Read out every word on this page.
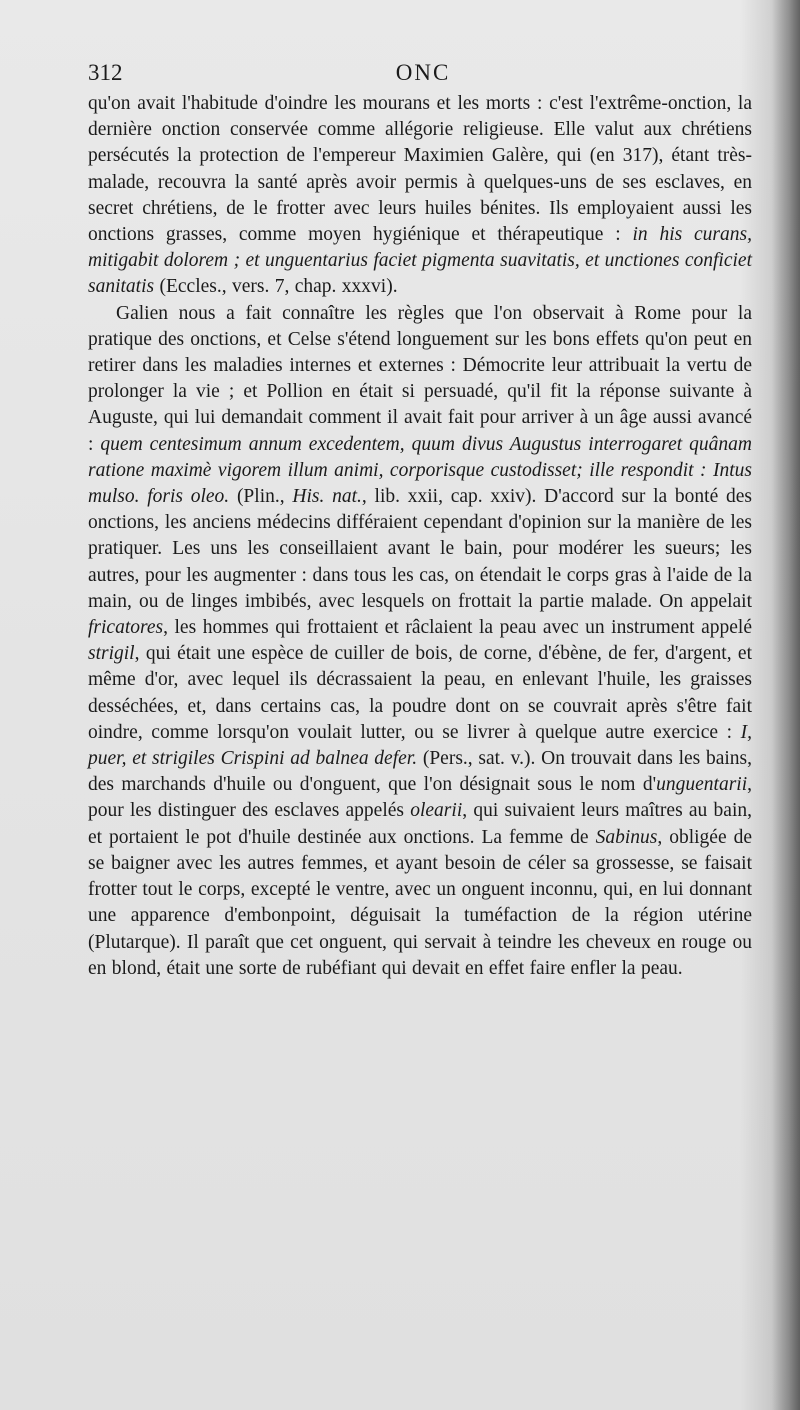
312	ONC

qu'on avait l'habitude d'oindre les mourans et les morts : c'est l'extrême-onction, la dernière onction conservée comme allégorie religieuse. Elle valut aux chrétiens persécutés la protection de l'empereur Maximien Galère, qui (en 317), étant très-malade, recouvra la santé après avoir permis à quelques-uns de ses esclaves, en secret chrétiens, de le frotter avec leurs huiles bénites. Ils employaient aussi les onctions grasses, comme moyen hygiénique et thérapeutique : in his curans, mitigabit dolorem ; et unguentarius faciet pigmenta suavitatis, et unctiones conficiet sanitatis (Eccles., vers. 7, chap. xxxvi).

Galien nous a fait connaître les règles que l'on observait à Rome pour la pratique des onctions, et Celse s'étend longuement sur les bons effets qu'on peut en retirer dans les maladies internes et externes : Démocrite leur attribuait la vertu de prolonger la vie ; et Pollion en était si persuadé, qu'il fit la réponse suivante à Auguste, qui lui demandait comment il avait fait pour arriver à un âge aussi avancé : quem centesimum annum excedentem, quum divus Augustus interrogaret quânam ratione maximè vigorem illum animi, corporisque custodisset; ille respondit : Intus mulso. foris oleo. (Plin., His. nat., lib. xxii, cap. xxiv). D'accord sur la bonté des onctions, les anciens médecins différaient cependant d'opinion sur la manière de les pratiquer. Les uns les conseillaient avant le bain, pour modérer les sueurs; les autres, pour les augmenter : dans tous les cas, on étendait le corps gras à l'aide de la main, ou de linges imbibés, avec lesquels on frottait la partie malade. On appelait fricatores, les hommes qui frottaient et râclaient la peau avec un instrument appelé strigil, qui était une espèce de cuiller de bois, de corne, d'ébène, de fer, d'argent, et même d'or, avec lequel ils décrassaient la peau, en enlevant l'huile, les graisses desséchées, et, dans certains cas, la poudre dont on se couvrait après s'être fait oindre, comme lorsqu'on voulait lutter, ou se livrer à quelque autre exercice : I, puer, et strigiles Crispini ad balnea defer. (Pers., sat. v.). On trouvait dans les bains, des marchands d'huile ou d'onguent, que l'on désignait sous le nom d'unguentarii, pour les distinguer des esclaves appelés olearii, qui suivaient leurs maîtres au bain, et portaient le pot d'huile destinée aux onctions. La femme de Sabinus, obligée de se baigner avec les autres femmes, et ayant besoin de céler sa grossesse, se faisait frotter tout le corps, excepté le ventre, avec un onguent inconnu, qui, en lui donnant une apparence d'embonpoint, déguisait la tuméfaction de la région utérine (Plutarque). Il paraît que cet onguent, qui servait à teindre les cheveux en rouge ou en blond, était une sorte de rubéfiant qui devait en effet faire enfler la peau.
